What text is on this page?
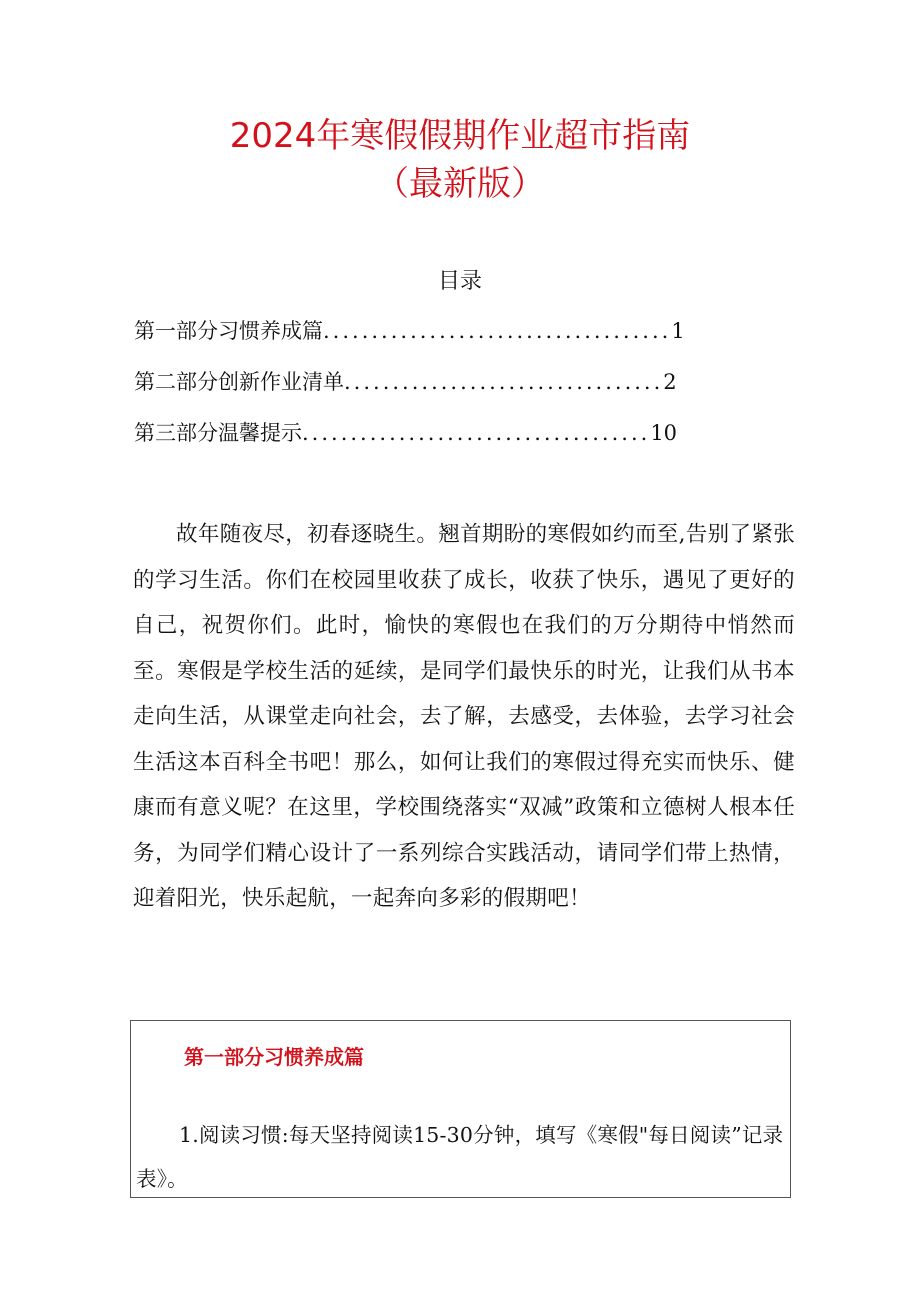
2024年寒假假期作业超市指南
（最新版）
目录
第一部分习惯养成篇....................................1
第二部分创新作业清单.................................2
第三部分温馨提示....................................10

故年随夜尽，初春逐晓生。翘首期盼的寒假如约而至,告别了紧张的学习生活。你们在校园里收获了成长，收获了快乐，遇见了更好的自己，祝贺你们。此时，愉快的寒假也在我们的万分期待中悄然而至。寒假是学校生活的延续，是同学们最快乐的时光，让我们从书本走向生活，从课堂走向社会，去了解，去感受，去体验，去学习社会生活这本百科全书吧！那么，如何让我们的寒假过得充实而快乐、健康而有意义呢？在这里，学校围绕落实“双减”政策和立德树人根本任务，为同学们精心设计了一系列综合实践活动，请同学们带上热情，迎着阳光，快乐起航，一起奔向多彩的假期吧！

第一部分习惯养成篇

1.阅读习惯:每天坚持阅读15-30分钟，填写《寒假"每日阅读”记录表》。
